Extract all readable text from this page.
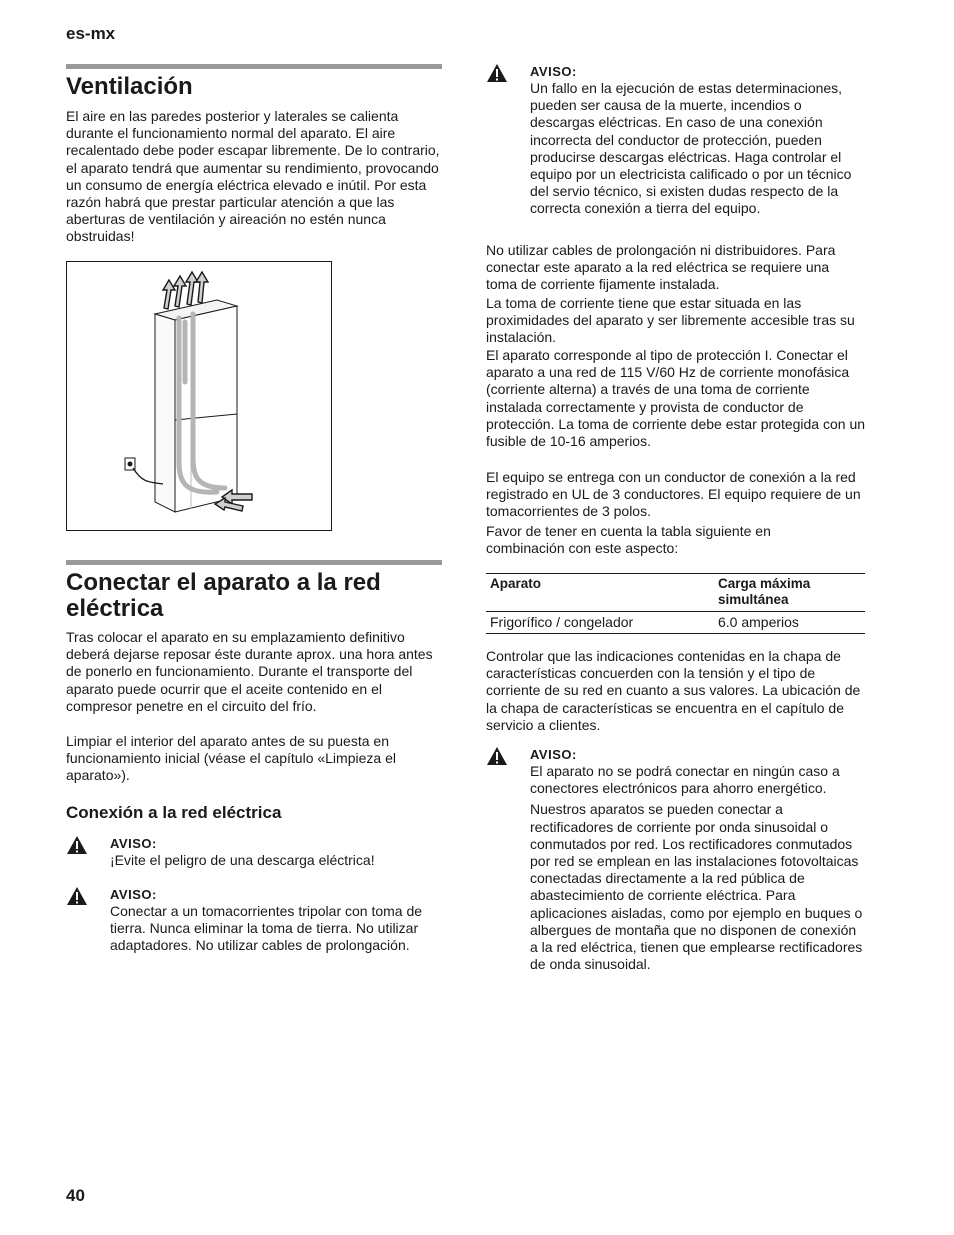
es-mx
40
Ventilación

El aire en las paredes posterior y laterales se calienta durante el funcionamiento normal del aparato. El aire recalentado debe poder escapar libremente. De lo contrario, el aparato tendrá que aumentar su rendimiento, provocando un consumo de energía eléctrica elevado e inútil. Por esta razón habrá que prestar particular atención a que las aberturas de ventilación y aireación no estén nunca obstruidas!

Conectar el aparato a la red eléctrica

Tras colocar el aparato en su emplazamiento definitivo deberá dejarse reposar éste durante aprox. una hora antes de ponerlo en funcionamiento. Durante el transporte del aparato puede ocurrir que el aceite contenido en el compresor penetre en el circuito del frío.

Limpiar el interior del aparato antes de su puesta en funcionamiento inicial (véase el capítulo «Limpieza el aparato»).

Conexión a la red eléctrica
AVISO:

¡Evite el peligro de una descarga eléctrica!

AVISO:

Conectar a un tomacorrientes tripolar con toma de tierra. Nunca eliminar la toma de tierra. No utilizar adaptadores. No utilizar cables de prolongación.

AVISO:

Un fallo en la ejecución de estas determinaciones, pueden ser causa de la muerte, incendios o descargas eléctricas. En caso de una conexión incorrecta del conductor de protección, pueden producirse descargas eléctricas. Haga controlar el equipo por un electricista calificado o por un técnico del servio técnico, si existen dudas respecto de la correcta conexión a tierra del equipo.

No utilizar cables de prolongación ni distribuidores. Para conectar este aparato a la red eléctrica se requiere una toma de corriente fijamente instalada.

La toma de corriente tiene que estar situada en las proximidades del aparato y ser libremente accesible tras su instalación.

El aparato corresponde al tipo de protección I. Conectar el aparato a una red de 115 V/60 Hz de corriente monofásica (corriente alterna) a través de una toma de corriente instalada correctamente y provista de conductor de protección. La toma de corriente debe estar protegida con un fusible de 10-16 amperios.

El equipo se entrega con un conductor de conexión a la red registrado en UL de 3 conductores. El equipo requiere de un tomacorrientes de 3 polos.

Favor de tener en cuenta la tabla siguiente en combinación con este aspecto:

Aparato	Carga máxima simultánea
Frigorífico / congelador	6.0 amperios

Controlar que las indicaciones contenidas en la chapa de características concuerden con la tensión y el tipo de corriente de su red en cuanto a sus valores. La ubicación de la chapa de características se encuentra en el capítulo de servicio a clientes.

AVISO:

El aparato no se podrá conectar en ningún caso a conectores electrónicos para ahorro energético.

Nuestros aparatos se pueden conectar a rectificadores de corriente por onda sinusoidal o conmutados por red. Los rectificadores conmutados por red se emplean en las instalaciones fotovoltaicas conectadas directamente a la red pública de abastecimiento de corriente eléctrica. Para aplicaciones aisladas, como por ejemplo en buques o albergues de montaña que no disponen de conexión a la red eléctrica, tienen que emplearse rectificadores de onda sinusoidal.
